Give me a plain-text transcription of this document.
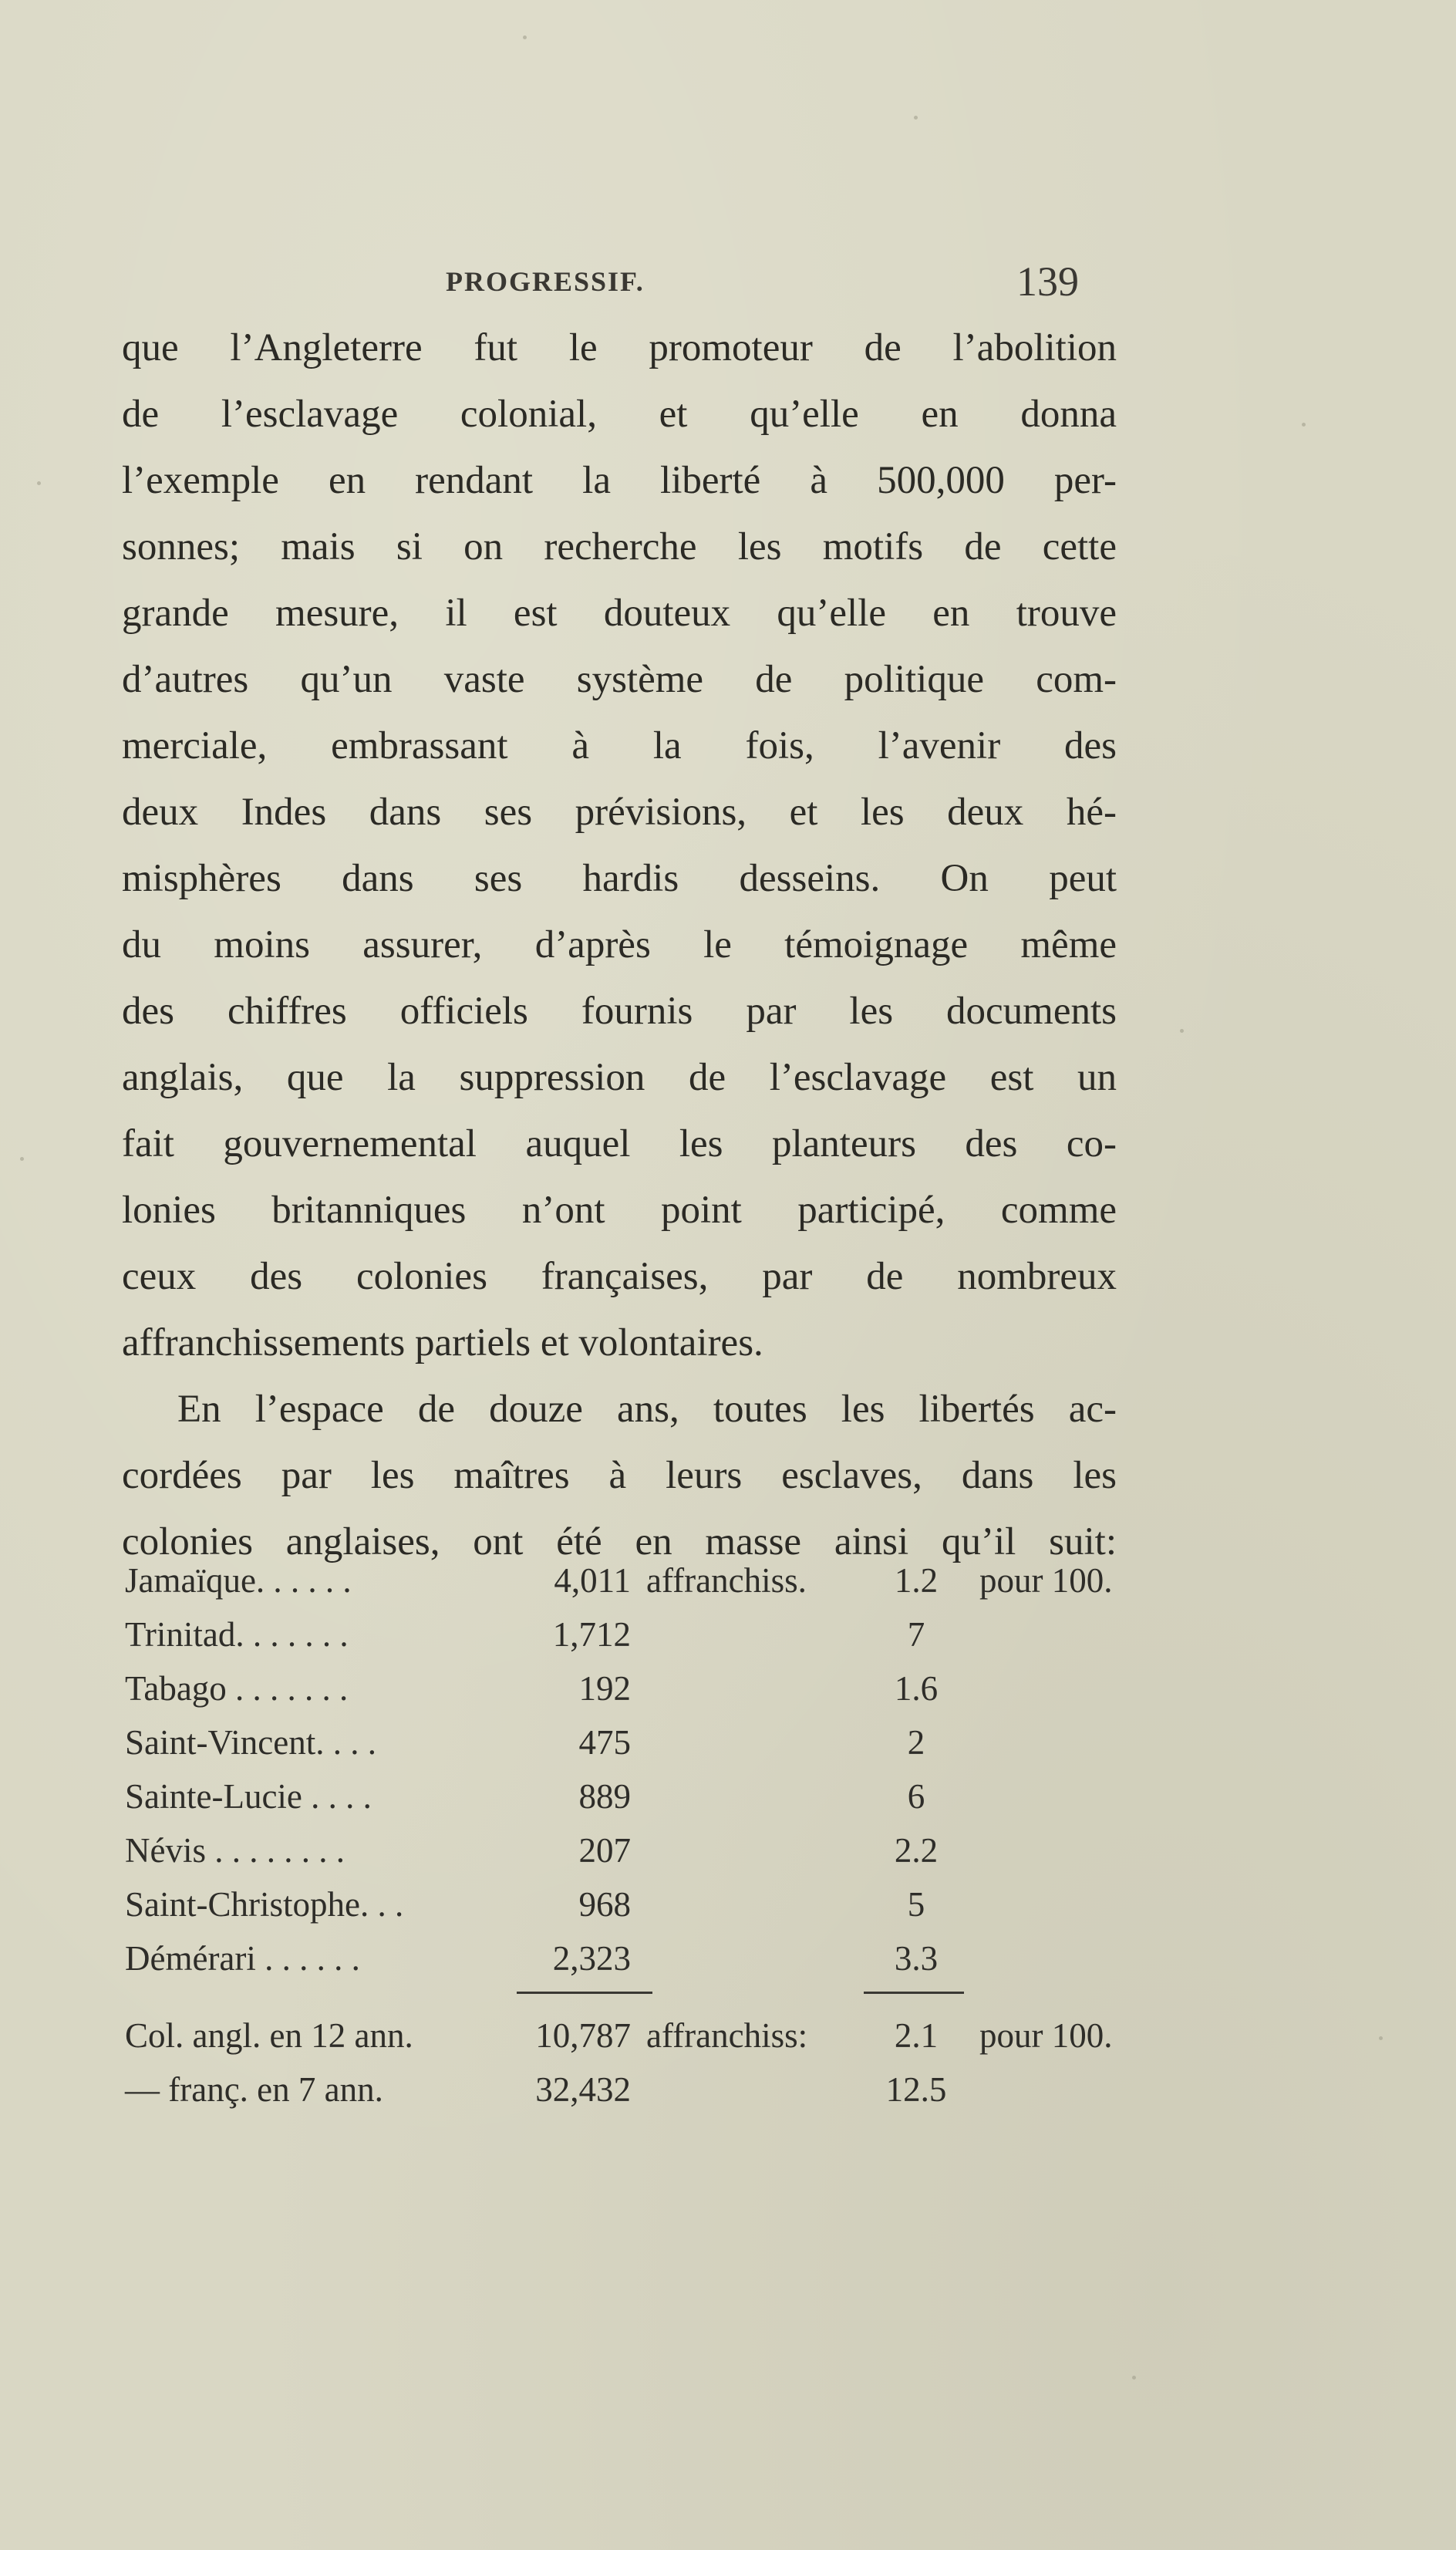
PROGRESSIF.	139
que l’Angleterre fut le promoteur de l’abolition
de l’esclavage colonial, et qu’elle en donna
l’exemple en rendant la liberté à 500,000 per-
sonnes; mais si on recherche les motifs de cette
grande mesure, il est douteux qu’elle en trouve
d’autres qu’un vaste système de politique com-
merciale, embrassant à la fois, l’avenir des
deux Indes dans ses prévisions, et les deux hé-
misphères dans ses hardis desseins. On peut
du moins assurer, d’après le témoignage même
des chiffres officiels fournis par les documents
anglais, que la suppression de l’esclavage est un
fait gouvernemental auquel les planteurs des co-
lonies britanniques n’ont point participé, comme
ceux des colonies françaises, par de nombreux
affranchissements partiels et volontaires.
En l’espace de douze ans, toutes les libertés ac-
cordées par les maîtres à leurs esclaves, dans les
colonies anglaises, ont été en masse ainsi qu’il suit:
Jamaïque. . . . . .	4,011 affranchiss.	1.2	pour 100.
Trinitad. . . . . . .	1,712	7
Tabago . . . . . . .	192	1.6
Saint-Vincent. . . .	475	2
Sainte-Lucie . . . .	889	6
Névis . . . . . . . .	207	2.2
Saint-Christophe. . .	968	5
Démérari . . . . . .	2,323	3.3
Col. angl. en 12 ann.	10,787 affranchiss:	2.1	pour 100.
— franç. en 7 ann.	32,432	12.5
